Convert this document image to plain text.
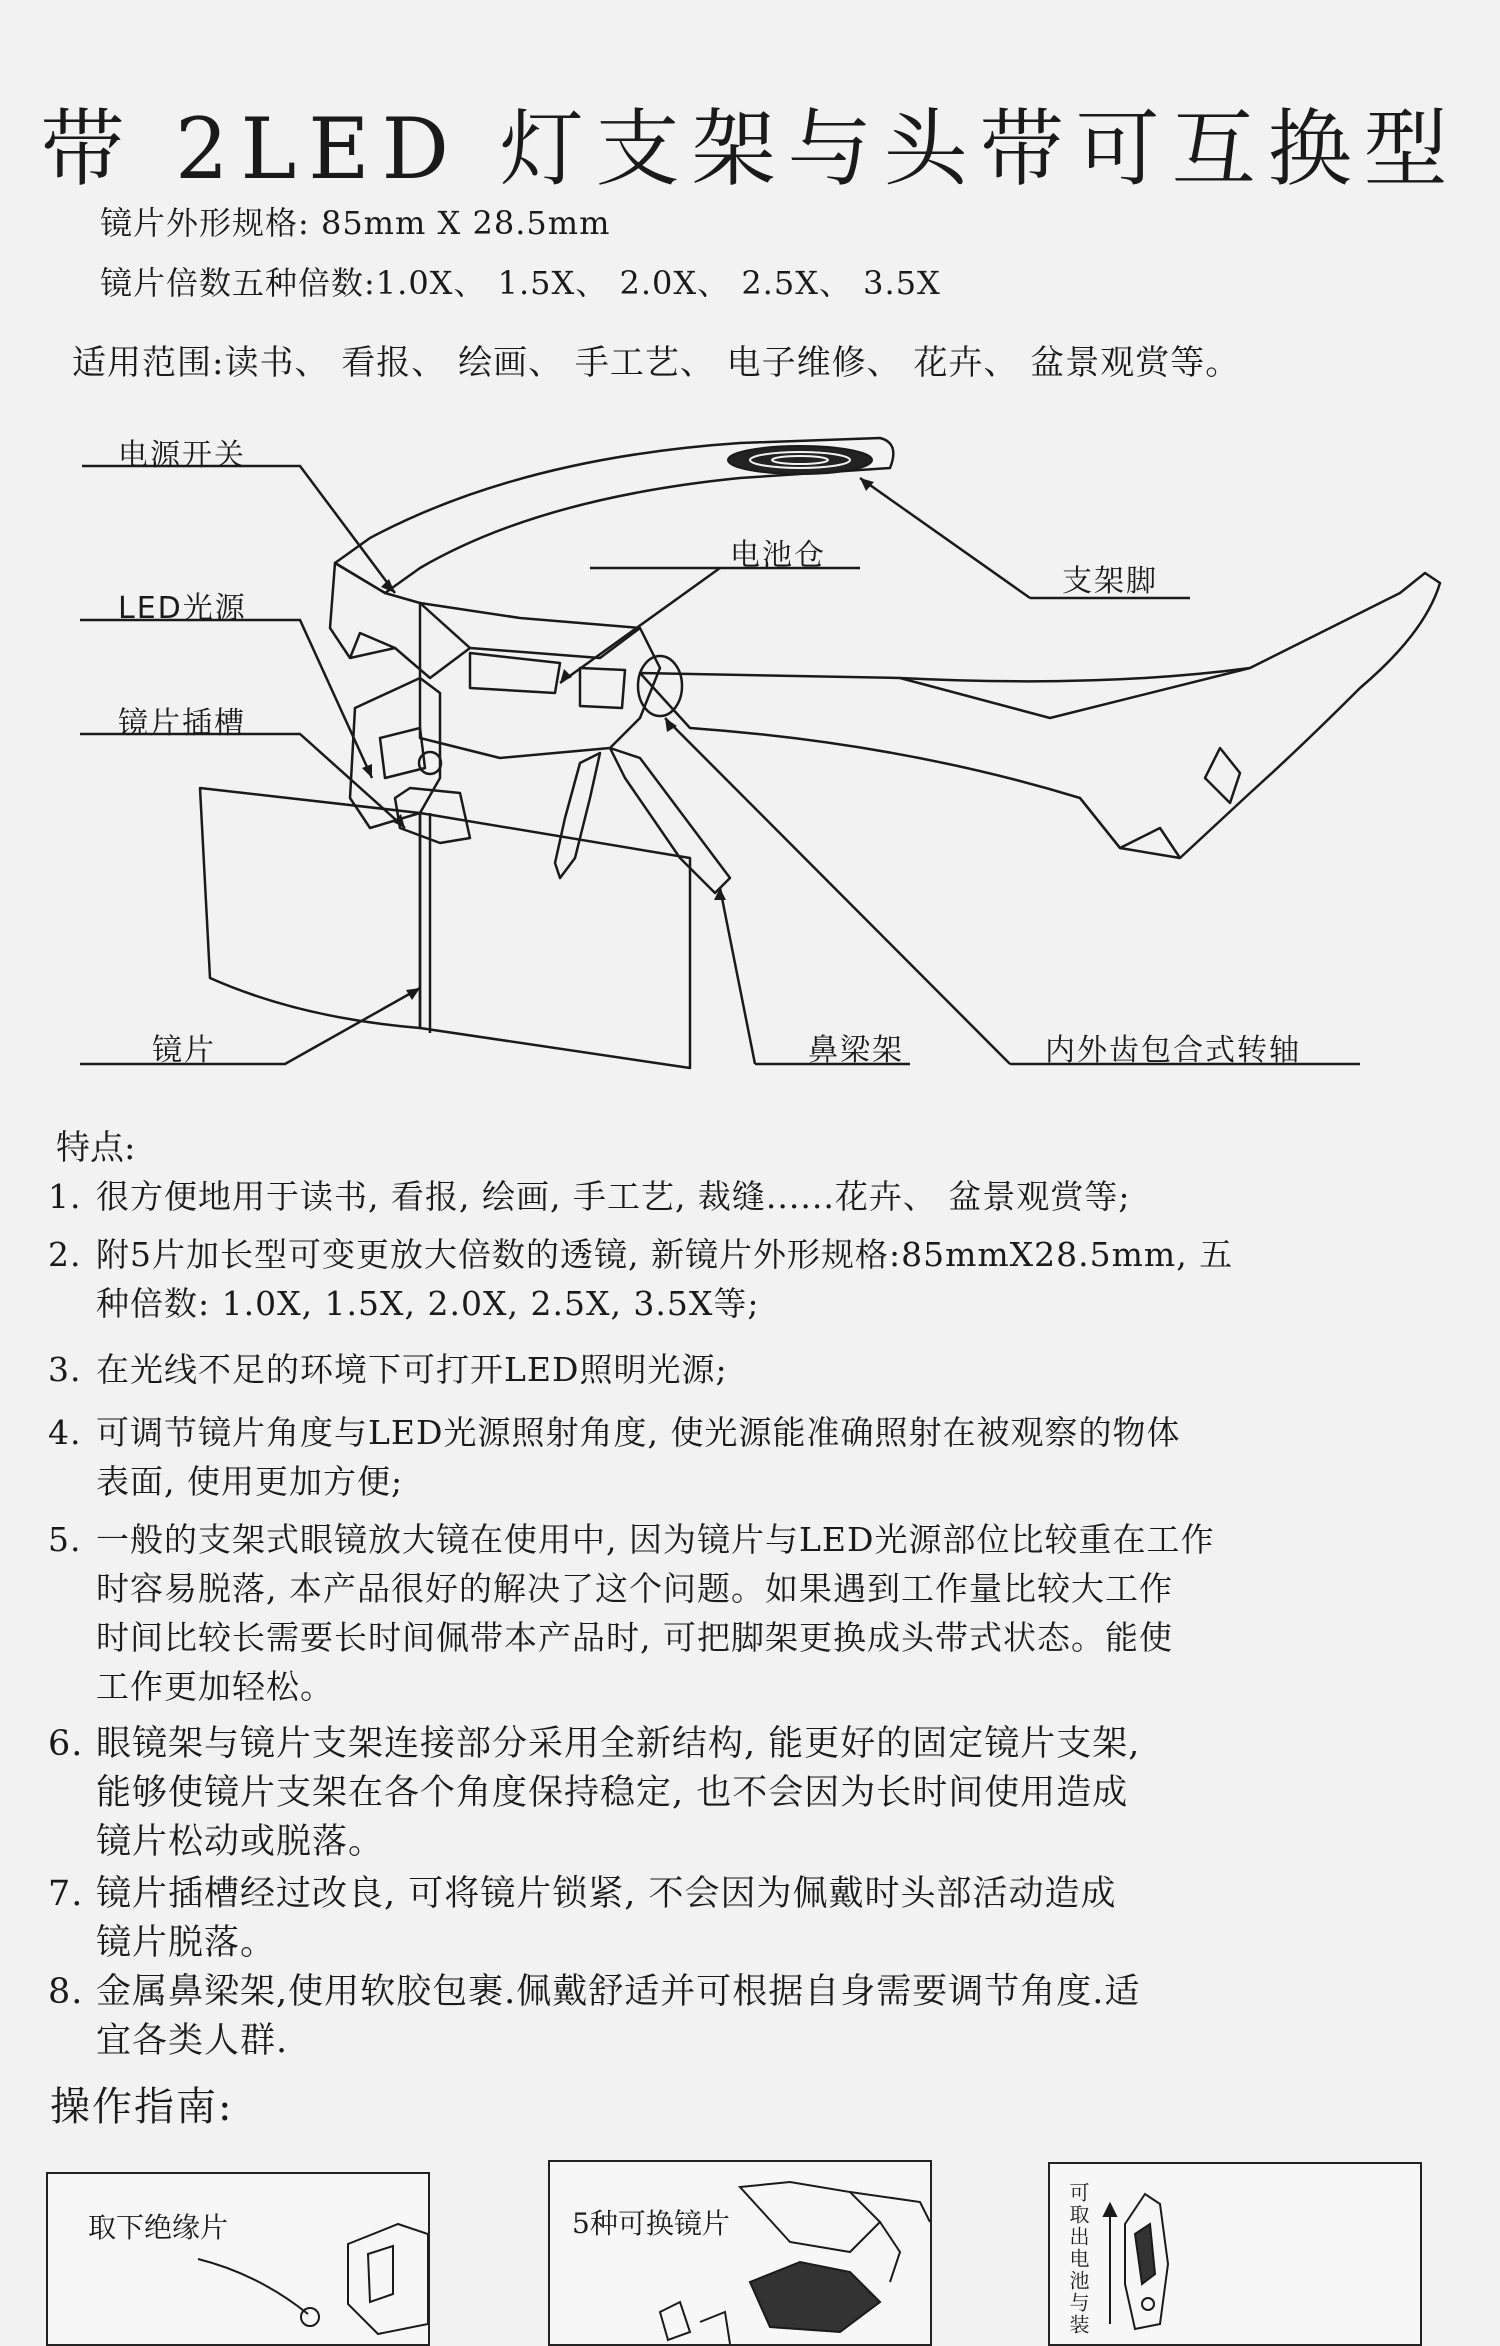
带 2LED 灯支架与头带可互换型
镜片外形规格: 85mm X 28.5mm
镜片倍数五种倍数:1.0X、 1.5X、 2.0X、 2.5X、 3.5X
适用范围:读书、 看报、 绘画、 手工艺、 电子维修、 花卉、 盆景观赏等。
电源开关
电池仓
支架脚
LED光源
镜片插槽
镜片	鼻梁架	内外齿包合式转轴
特点:
1. 很方便地用于读书, 看报, 绘画, 手工艺, 裁缝......花卉、 盆景观赏等;
2. 附5片加长型可变更放大倍数的透镜, 新镜片外形规格:85mmX28.5mm, 五
种倍数: 1.0X, 1.5X, 2.0X, 2.5X, 3.5X等;
3. 在光线不足的环境下可打开LED照明光源;
4. 可调节镜片角度与LED光源照射角度, 使光源能准确照射在被观察的物体
表面, 使用更加方便;
5. 一般的支架式眼镜放大镜在使用中, 因为镜片与LED光源部位比较重在工作
时容易脱落, 本产品很好的解决了这个问题。如果遇到工作量比较大工作
时间比较长需要长时间佩带本产品时, 可把脚架更换成头带式状态。能使
工作更加轻松。
6. 眼镜架与镜片支架连接部分采用全新结构, 能更好的固定镜片支架,
能够使镜片支架在各个角度保持稳定, 也不会因为长时间使用造成
镜片松动或脱落。
7. 镜片插槽经过改良, 可将镜片锁紧, 不会因为佩戴时头部活动造成
镜片脱落。
8. 金属鼻梁架,使用软胶包裹.佩戴舒适并可根据自身需要调节角度.适
宜各类人群.
操作指南:
取下绝缘片	5种可换镜片	可取出电池与装
